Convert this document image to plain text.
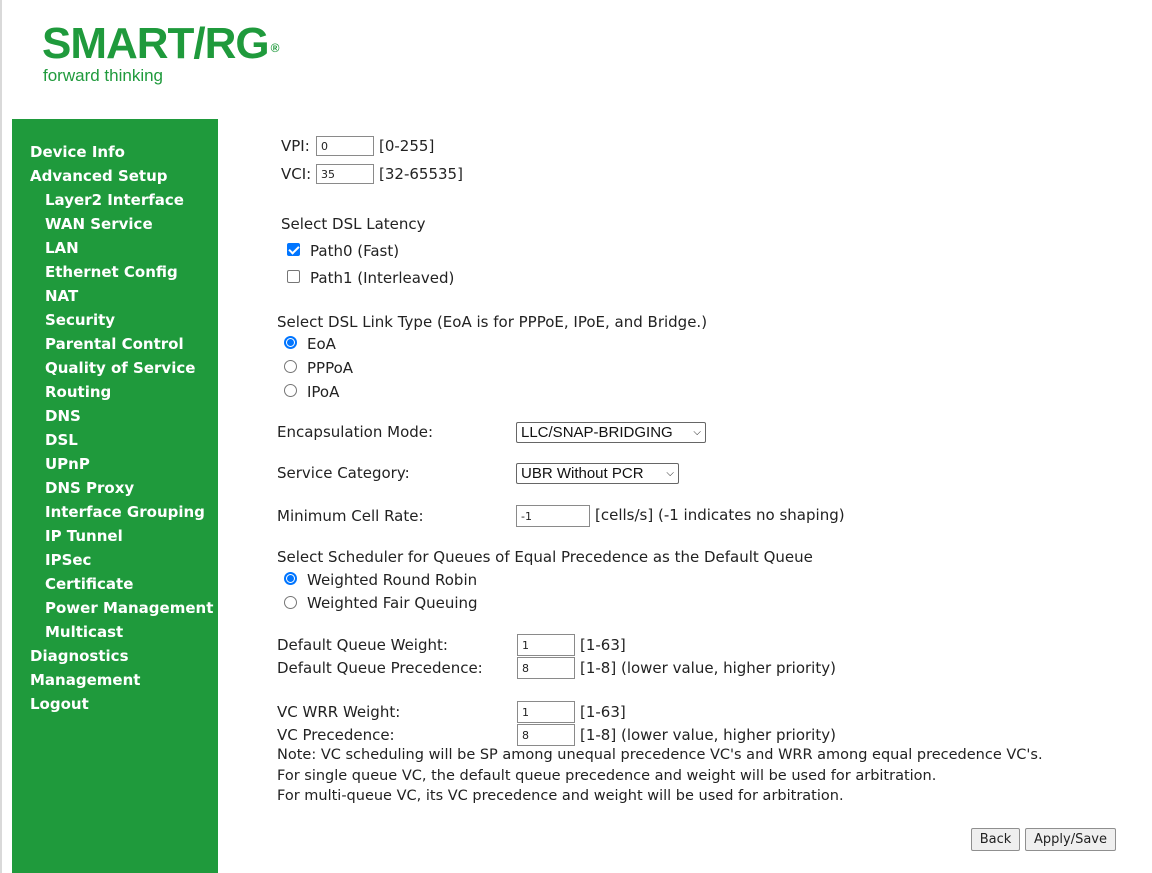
SMART/RG ®
forward thinking
Device Info
Advanced Setup
Layer2 Interface
WAN Service
LAN
Ethernet Config
NAT
Security
Parental Control
Quality of Service
Routing
DNS
DSL
UPnP
DNS Proxy
Interface Grouping
IP Tunnel
IPSec
Certificate
Power Management
Multicast
Diagnostics
Management
Logout
VPI:	0	[0-255]
VCI: 35	[32-65535]
Select DSL Latency
Path0 (Fast)
Path1 (Interleaved)
Select DSL Link Type (EoA is for PPPoE, IPoE, and Bridge.)
EoA
PPPoA
IPoA
Encapsulation Mode:	LLC/SNAP-BRIDGING ⌵
Service Category:	UBR Without PCR ⌵
Minimum Cell Rate:	-1	[cells/s] (-1 indicates no shaping)
Select Scheduler for Queues of Equal Precedence as the Default Queue
Weighted Round Robin
Weighted Fair Queuing
Default Queue Weight:	1	[1-63]
Default Queue Precedence:	8	[1-8] (lower value, higher priority)
VC WRR Weight:	1	[1-63]
VC Precedence:	8	[1-8] (lower value, higher priority)
Note: VC scheduling will be SP among unequal precedence VC's and WRR among equal precedence VC's.
For single queue VC, the default queue precedence and weight will be used for arbitration.
For multi-queue VC, its VC precedence and weight will be used for arbitration.
Back	Apply/Save
